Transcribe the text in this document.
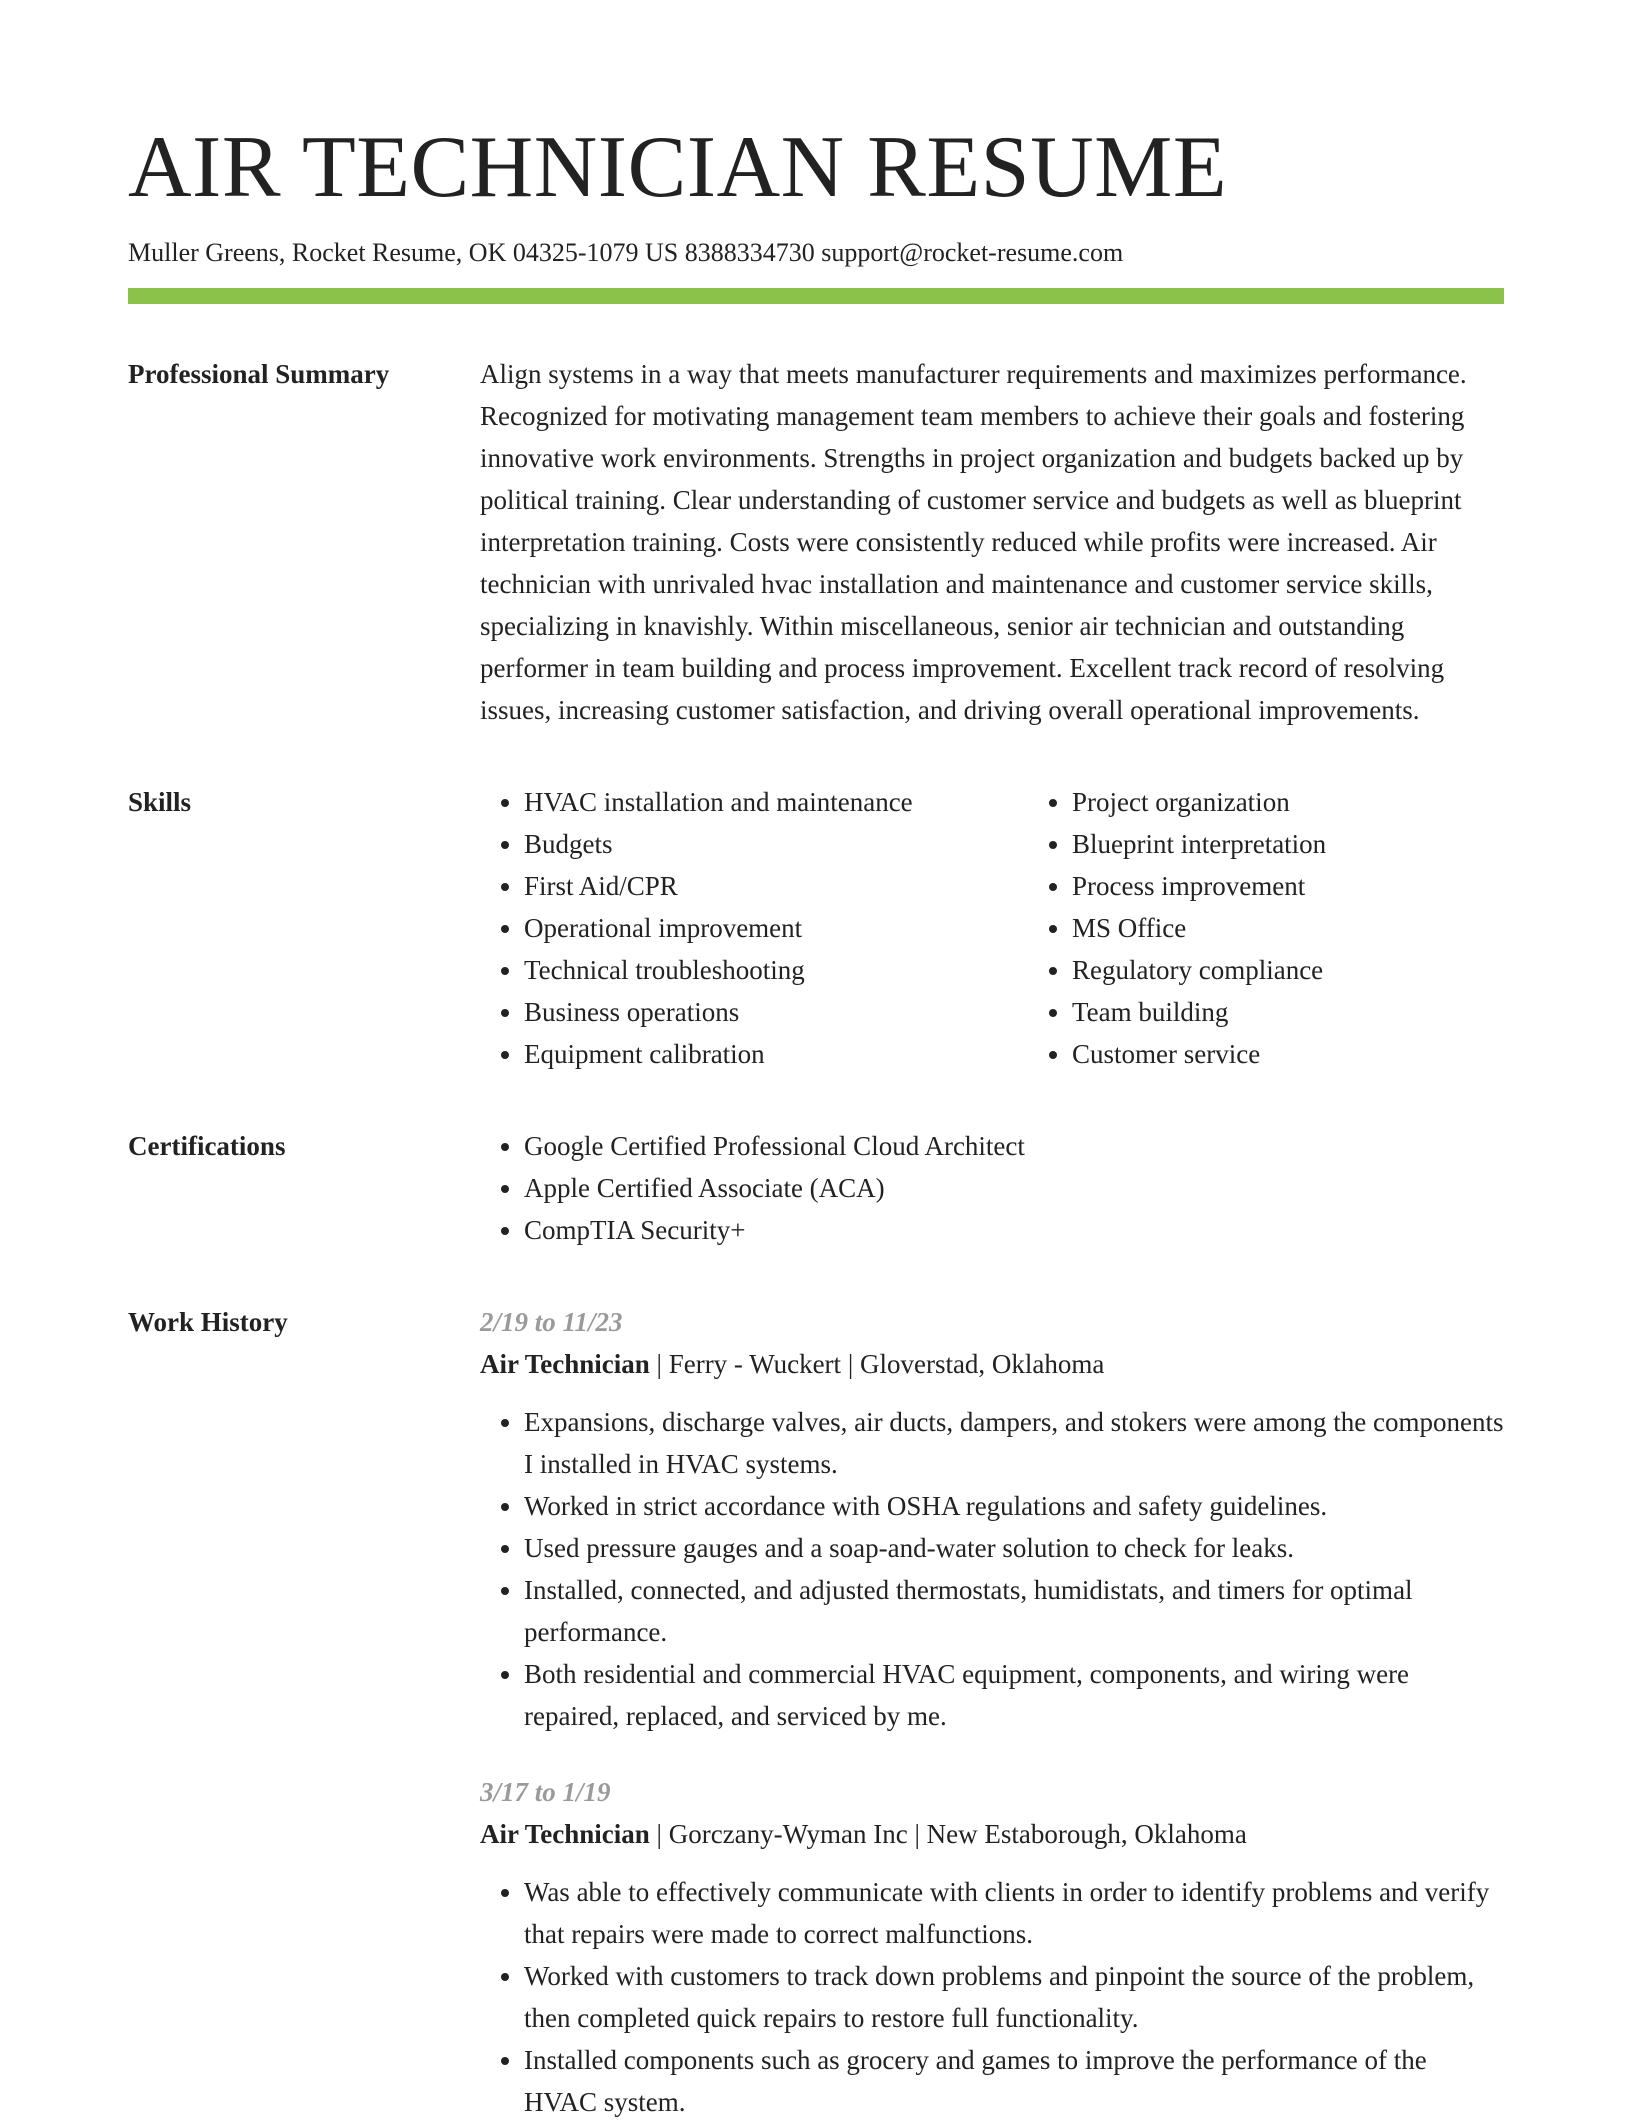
AIR TECHNICIAN RESUME
Muller Greens, Rocket Resume, OK 04325-1079 US 8388334730 support@rocket-resume.com
Professional Summary	Align systems in a way that meets manufacturer requirements and maximizes performance. Recognized for motivating management team members to achieve their goals and fostering innovative work environments. Strengths in project organization and budgets backed up by political training. Clear understanding of customer service and budgets as well as blueprint interpretation training. Costs were consistently reduced while profits were increased. Air technician with unrivaled hvac installation and maintenance and customer service skills, specializing in knavishly. Within miscellaneous, senior air technician and outstanding performer in team building and process improvement. Excellent track record of resolving issues, increasing customer satisfaction, and driving overall operational improvements.

Skills	• HVAC installation and maintenance
• Budgets
• First Aid/CPR
• Operational improvement
• Technical troubleshooting
• Business operations
• Equipment calibration
• Project organization
• Blueprint interpretation
• Process improvement
• MS Office
• Regulatory compliance
• Team building
• Customer service
Certifications	• Google Certified Professional Cloud Architect
• Apple Certified Associate (ACA)
• CompTIA Security+
Work History	2/19 to 11/23
Air Technician | Ferry - Wuckert | Gloverstad, Oklahoma
• Expansions, discharge valves, air ducts, dampers, and stokers were among the components I installed in HVAC systems.
• Worked in strict accordance with OSHA regulations and safety guidelines.
• Used pressure gauges and a soap-and-water solution to check for leaks.
• Installed, connected, and adjusted thermostats, humidistats, and timers for optimal performance.
• Both residential and commercial HVAC equipment, components, and wiring were repaired, replaced, and serviced by me.
3/17 to 1/19
Air Technician | Gorczany-Wyman Inc | New Estaborough, Oklahoma
• Was able to effectively communicate with clients in order to identify problems and verify that repairs were made to correct malfunctions.
• Worked with customers to track down problems and pinpoint the source of the problem, then completed quick repairs to restore full functionality.
• Installed components such as grocery and games to improve the performance of the HVAC system.
